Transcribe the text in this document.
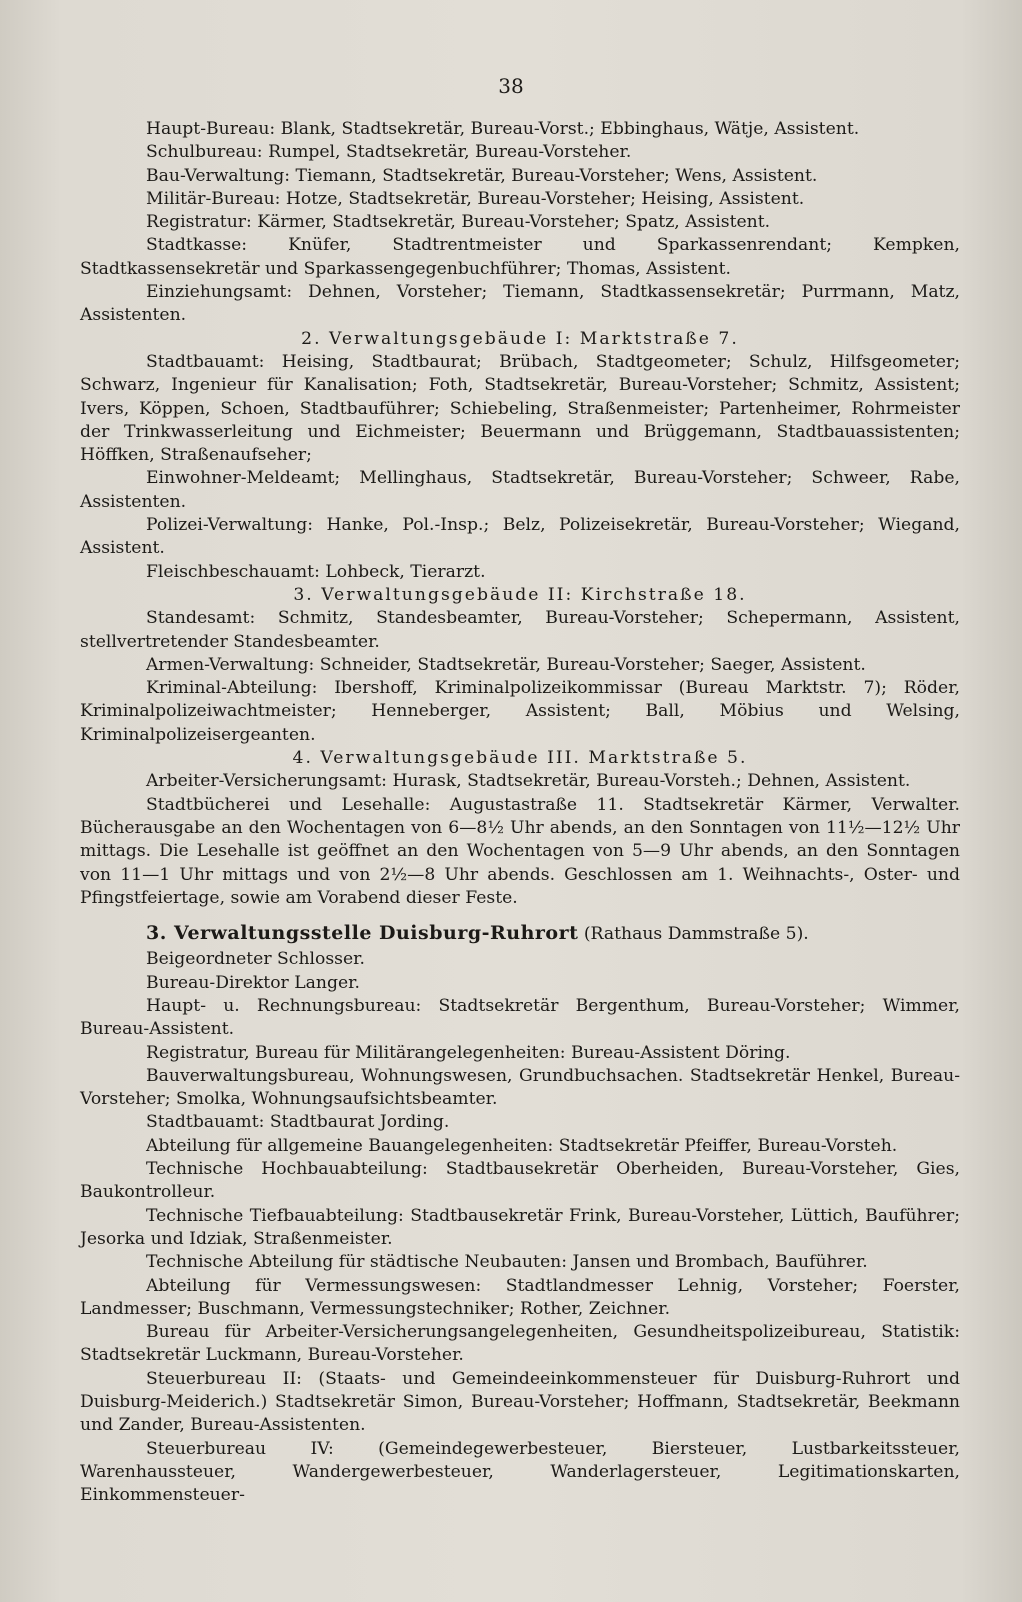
38

Haupt-Bureau: Blank, Stadtsekretär, Bureau-Vorst.; Ebbinghaus, Wätje, Assistent.

Schulbureau: Rumpel, Stadtsekretär, Bureau-Vorsteher.

Bau-Verwaltung: Tiemann, Stadtsekretär, Bureau-Vorsteher; Wens, Assistent.

Militär-Bureau: Hotze, Stadtsekretär, Bureau-Vorsteher; Heising, Assistent.

Registratur: Kärmer, Stadtsekretär, Bureau-Vorsteher; Spatz, Assistent.

Stadtkasse: Knüfer, Stadtrentmeister und Sparkassenrendant; Kempken, Stadtkassensekretär und Sparkassengegenbuchführer; Thomas, Assistent.

Einziehungsamt: Dehnen, Vorsteher; Tiemann, Stadtkassensekretär; Purrmann, Matz, Assistenten.

2. Verwaltungsgebäude I: Marktstraße 7.

Stadtbauamt: Heising, Stadtbaurat; Brübach, Stadtgeometer; Schulz, Hilfsgeometer; Schwarz, Ingenieur für Kanalisation; Foth, Stadtsekretär, Bureau-Vorsteher; Schmitz, Assistent; Ivers, Köppen, Schoen, Stadtbauführer; Schiebeling, Straßenmeister; Partenheimer, Rohrmeister der Trinkwasserleitung und Eichmeister; Beuermann und Brüggemann, Stadtbauassistenten; Höffken, Straßenaufseher;

Einwohner-Meldeamt; Mellinghaus, Stadtsekretär, Bureau-Vorsteher; Schweer, Rabe, Assistenten.

Polizei-Verwaltung: Hanke, Pol.-Insp.; Belz, Polizeisekretär, Bureau-Vorsteher; Wiegand, Assistent.

Fleischbeschauamt: Lohbeck, Tierarzt.

3. Verwaltungsgebäude II: Kirchstraße 18.

Standesamt: Schmitz, Standesbeamter, Bureau-Vorsteher; Schepermann, Assistent, stellvertretender Standesbeamter.

Armen-Verwaltung: Schneider, Stadtsekretär, Bureau-Vorsteher; Saeger, Assistent.

Kriminal-Abteilung: Ibershoff, Kriminalpolizeikommissar (Bureau Marktstr. 7); Röder, Kriminalpolizeiwachtmeister; Henneberger, Assistent; Ball, Möbius und Welsing, Kriminalpolizeisergeanten.

4. Verwaltungsgebäude III. Marktstraße 5.

Arbeiter-Versicherungsamt: Hurask, Stadtsekretär, Bureau-Vorsteh.; Dehnen, Assistent.

Stadtbücherei und Lesehalle: Augustastraße 11. Stadtsekretär Kärmer, Verwalter. Bücherausgabe an den Wochentagen von 6—8½ Uhr abends, an den Sonntagen von 11½—12½ Uhr mittags. Die Lesehalle ist geöffnet an den Wochentagen von 5—9 Uhr abends, an den Sonntagen von 11—1 Uhr mittags und von 2½—8 Uhr abends. Geschlossen am 1. Weihnachts-, Oster- und Pfingstfeiertage, sowie am Vorabend dieser Feste.

3. Verwaltungsstelle Duisburg-Ruhrort (Rathaus Dammstraße 5).

Beigeordneter Schlosser.

Bureau-Direktor Langer.

Haupt- u. Rechnungsbureau: Stadtsekretär Bergenthum, Bureau-Vorsteher; Wimmer, Bureau-Assistent.

Registratur, Bureau für Militärangelegenheiten: Bureau-Assistent Döring.

Bauverwaltungsbureau, Wohnungswesen, Grundbuchsachen. Stadtsekretär Henkel, Bureau-Vorsteher; Smolka, Wohnungsaufsichtsbeamter.

Stadtbauamt: Stadtbaurat Jording.

Abteilung für allgemeine Bauangelegenheiten: Stadtsekretär Pfeiffer, Bureau-Vorsteh.

Technische Hochbauabteilung: Stadtbausekretär Oberheiden, Bureau-Vorsteher, Gies, Baukontrolleur.

Technische Tiefbauabteilung: Stadtbausekretär Frink, Bureau-Vorsteher, Lüttich, Bauführer; Jesorka und Idziak, Straßenmeister.

Technische Abteilung für städtische Neubauten: Jansen und Brombach, Bauführer.

Abteilung für Vermessungswesen: Stadtlandmesser Lehnig, Vorsteher; Foerster, Landmesser; Buschmann, Vermessungstechniker; Rother, Zeichner.

Bureau für Arbeiter-Versicherungsangelegenheiten, Gesundheitspolizeibureau, Statistik: Stadtsekretär Luckmann, Bureau-Vorsteher.

Steuerbureau II: (Staats- und Gemeindeeinkommensteuer für Duisburg-Ruhrort und Duisburg-Meiderich.) Stadtsekretär Simon, Bureau-Vorsteher; Hoffmann, Stadtsekretär, Beekmann und Zander, Bureau-Assistenten.

Steuerbureau IV: (Gemeindegewerbesteuer, Biersteuer, Lustbarkeitssteuer, Warenhaussteuer, Wandergewerbesteuer, Wanderlagersteuer, Legitimationskarten, Einkommensteuer-
